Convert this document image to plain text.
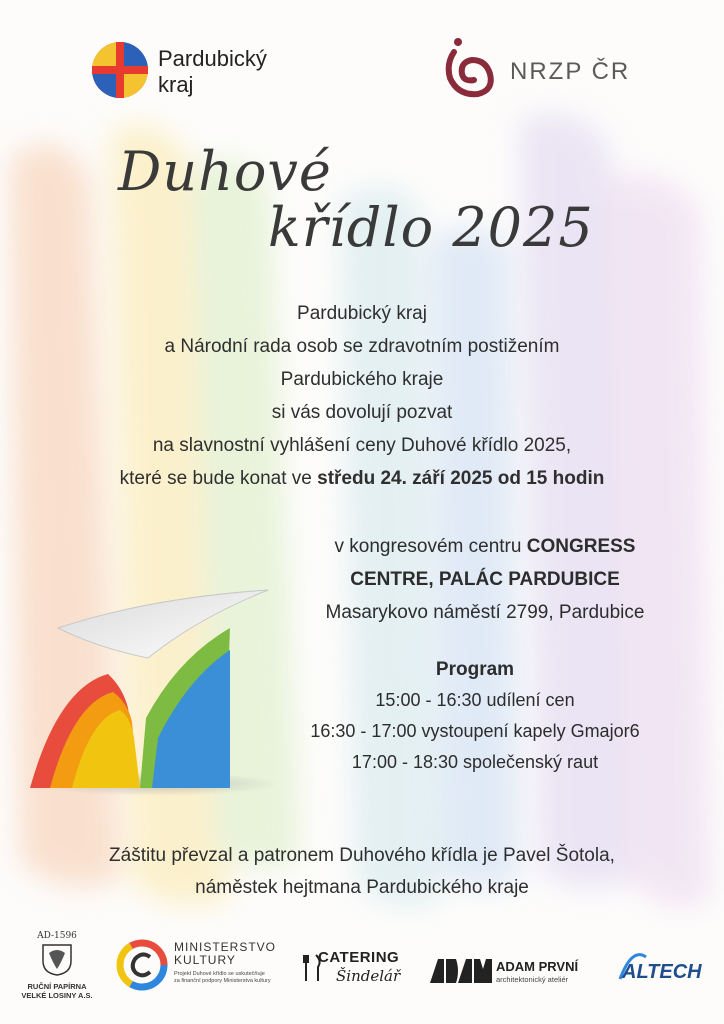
Pardubický
kraj	NRZP ČR
Duhové
křídlo 2025
Pardubický kraj
a Národní rada osob se zdravotním postižením
Pardubického kraje
si vás dovolují pozvat
na slavnostní vyhlášení ceny Duhové křídlo 2025,
které se bude konat ve středu 24. září 2025 od 15 hodin
v kongresovém centru CONGRESS
CENTRE, PALÁC PARDUBICE
Masarykovo náměstí 2799, Pardubice
Program
15:00 - 16:30 udílení cen
16:30 - 17:00 vystoupení kapely Gmajor6
17:00 - 18:30 společenský raut
Záštitu převzal a patronem Duhového křídla je Pavel Šotola,
náměstek hejtmana Pardubického kraje
AD-1596
RUČNÍ PAPÍRNA
VELKÉ LOSINY A.S.
MINISTERSTVO
KULTURY
Projekt Duhové křídlo se uskutečňuje
za finanční podpory Ministerstva kultury
CATERING
Šindelář
ADAM PRVNÍ
architektonický ateliér	ALTECH
